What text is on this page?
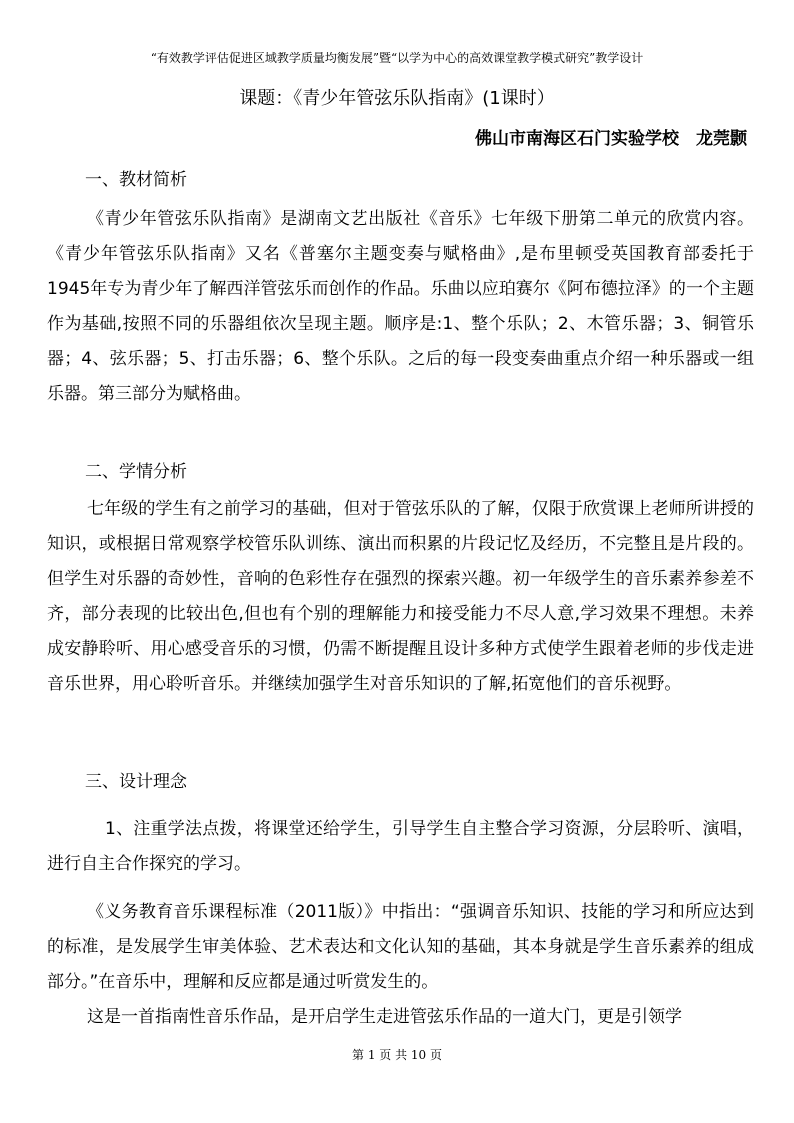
“有效教学评估促进区域教学质量均衡发展”暨“以学为中心的高效课堂教学模式研究”教学设计
课题：《青少年管弦乐队指南》(1课时）
佛山市南海区石门实验学校　龙莞颢
一、教材简析

《青少年管弦乐队指南》是湖南文艺出版社《音乐》七年级下册第二单元的欣赏内容。《青少年管弦乐队指南》又名《普塞尔主题变奏与赋格曲》,是布里顿受英国教育部委托于1945年专为青少年了解西洋管弦乐而创作的作品。乐曲以应珀赛尔《阿布德拉泽》的一个主题作为基础,按照不同的乐器组依次呈现主题。顺序是:1、整个乐队；2、木管乐器；3、铜管乐器；4、弦乐器；5、打击乐器；6、整个乐队。之后的每一段变奏曲重点介绍一种乐器或一组乐器。第三部分为赋格曲。

二、学情分析

七年级的学生有之前学习的基础，但对于管弦乐队的了解，仅限于欣赏课上老师所讲授的知识，或根据日常观察学校管乐队训练、演出而积累的片段记忆及经历，不完整且是片段的。但学生对乐器的奇妙性，音响的色彩性存在强烈的探索兴趣。初一年级学生的音乐素养参差不齐，部分表现的比较出色,但也有个别的理解能力和接受能力不尽人意,学习效果不理想。未养成安静聆听、用心感受音乐的习惯，仍需不断提醒且设计多种方式使学生跟着老师的步伐走进音乐世界，用心聆听音乐。并继续加强学生对音乐知识的了解,拓宽他们的音乐视野。

三、设计理念

1、注重学法点拨，将课堂还给学生，引导学生自主整合学习资源，分层聆听、演唱，进行自主合作探究的学习。

《义务教育音乐课程标准（2011版）》中指出：“强调音乐知识、技能的学习和所应达到的标准，是发展学生审美体验、艺术表达和文化认知的基础，其本身就是学生音乐素养的组成部分。”在音乐中，理解和反应都是通过听赏发生的。

这是一首指南性音乐作品，是开启学生走进管弦乐作品的一道大门，更是引领学

第 1 页 共 10 页
